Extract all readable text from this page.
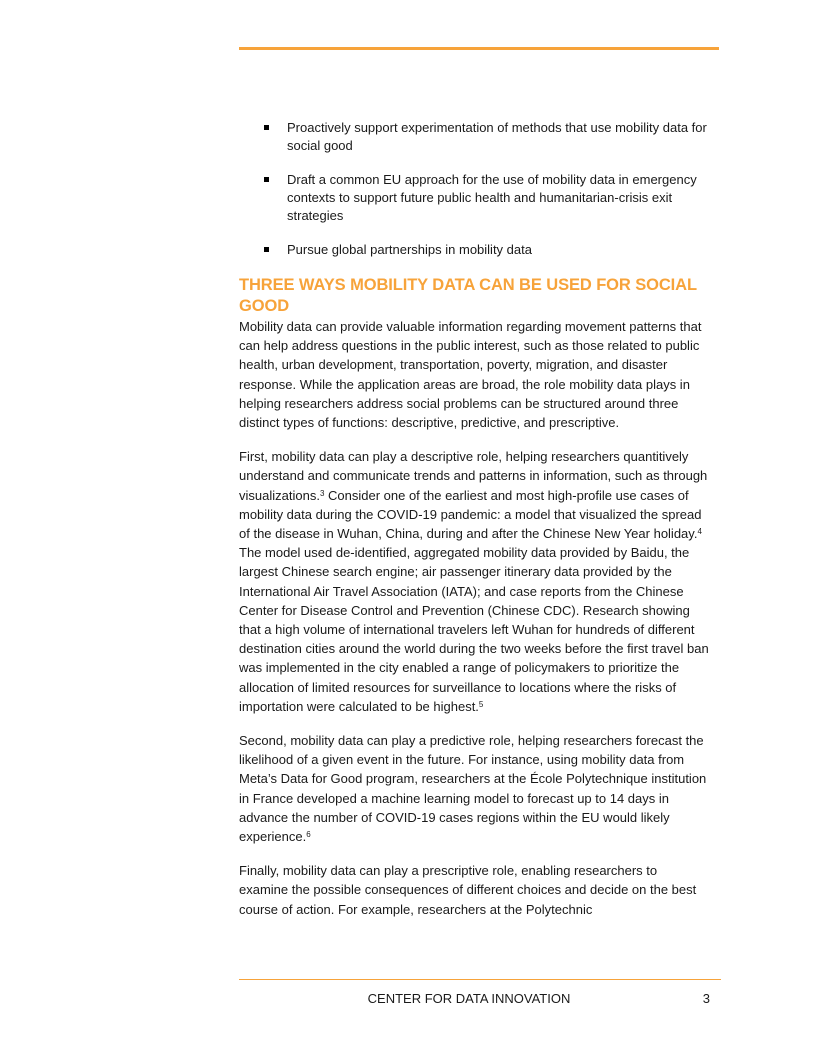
Proactively support experimentation of methods that use mobility data for social good
Draft a common EU approach for the use of mobility data in emergency contexts to support future public health and humanitarian-crisis exit strategies
Pursue global partnerships in mobility data
THREE WAYS MOBILITY DATA CAN BE USED FOR SOCIAL GOOD

Mobility data can provide valuable information regarding movement patterns that can help address questions in the public interest, such as those related to public health, urban development, transportation, poverty, migration, and disaster response. While the application areas are broad, the role mobility data plays in helping researchers address social problems can be structured around three distinct types of functions: descriptive, predictive, and prescriptive.

First, mobility data can play a descriptive role, helping researchers quantitively understand and communicate trends and patterns in information, such as through visualizations.$^3$ Consider one of the earliest and most high-profile use cases of mobility data during the COVID-19 pandemic: a model that visualized the spread of the disease in Wuhan, China, during and after the Chinese New Year holiday.$^4$ The model used de-identified, aggregated mobility data provided by Baidu, the largest Chinese search engine; air passenger itinerary data provided by the International Air Travel Association (IATA); and case reports from the Chinese Center for Disease Control and Prevention (Chinese CDC). Research showing that a high volume of international travelers left Wuhan for hundreds of different destination cities around the world during the two weeks before the first travel ban was implemented in the city enabled a range of policymakers to prioritize the allocation of limited resources for surveillance to locations where the risks of importation were calculated to be highest.$^5$

Second, mobility data can play a predictive role, helping researchers forecast the likelihood of a given event in the future. For instance, using mobility data from Meta’s Data for Good program, researchers at the École Polytechnique institution in France developed a machine learning model to forecast up to 14 days in advance the number of COVID-19 cases regions within the EU would likely experience.$^6$

Finally, mobility data can play a prescriptive role, enabling researchers to examine the possible consequences of different choices and decide on the best course of action. For example, researchers at the Polytechnic

CENTER FOR DATA INNOVATION	3
